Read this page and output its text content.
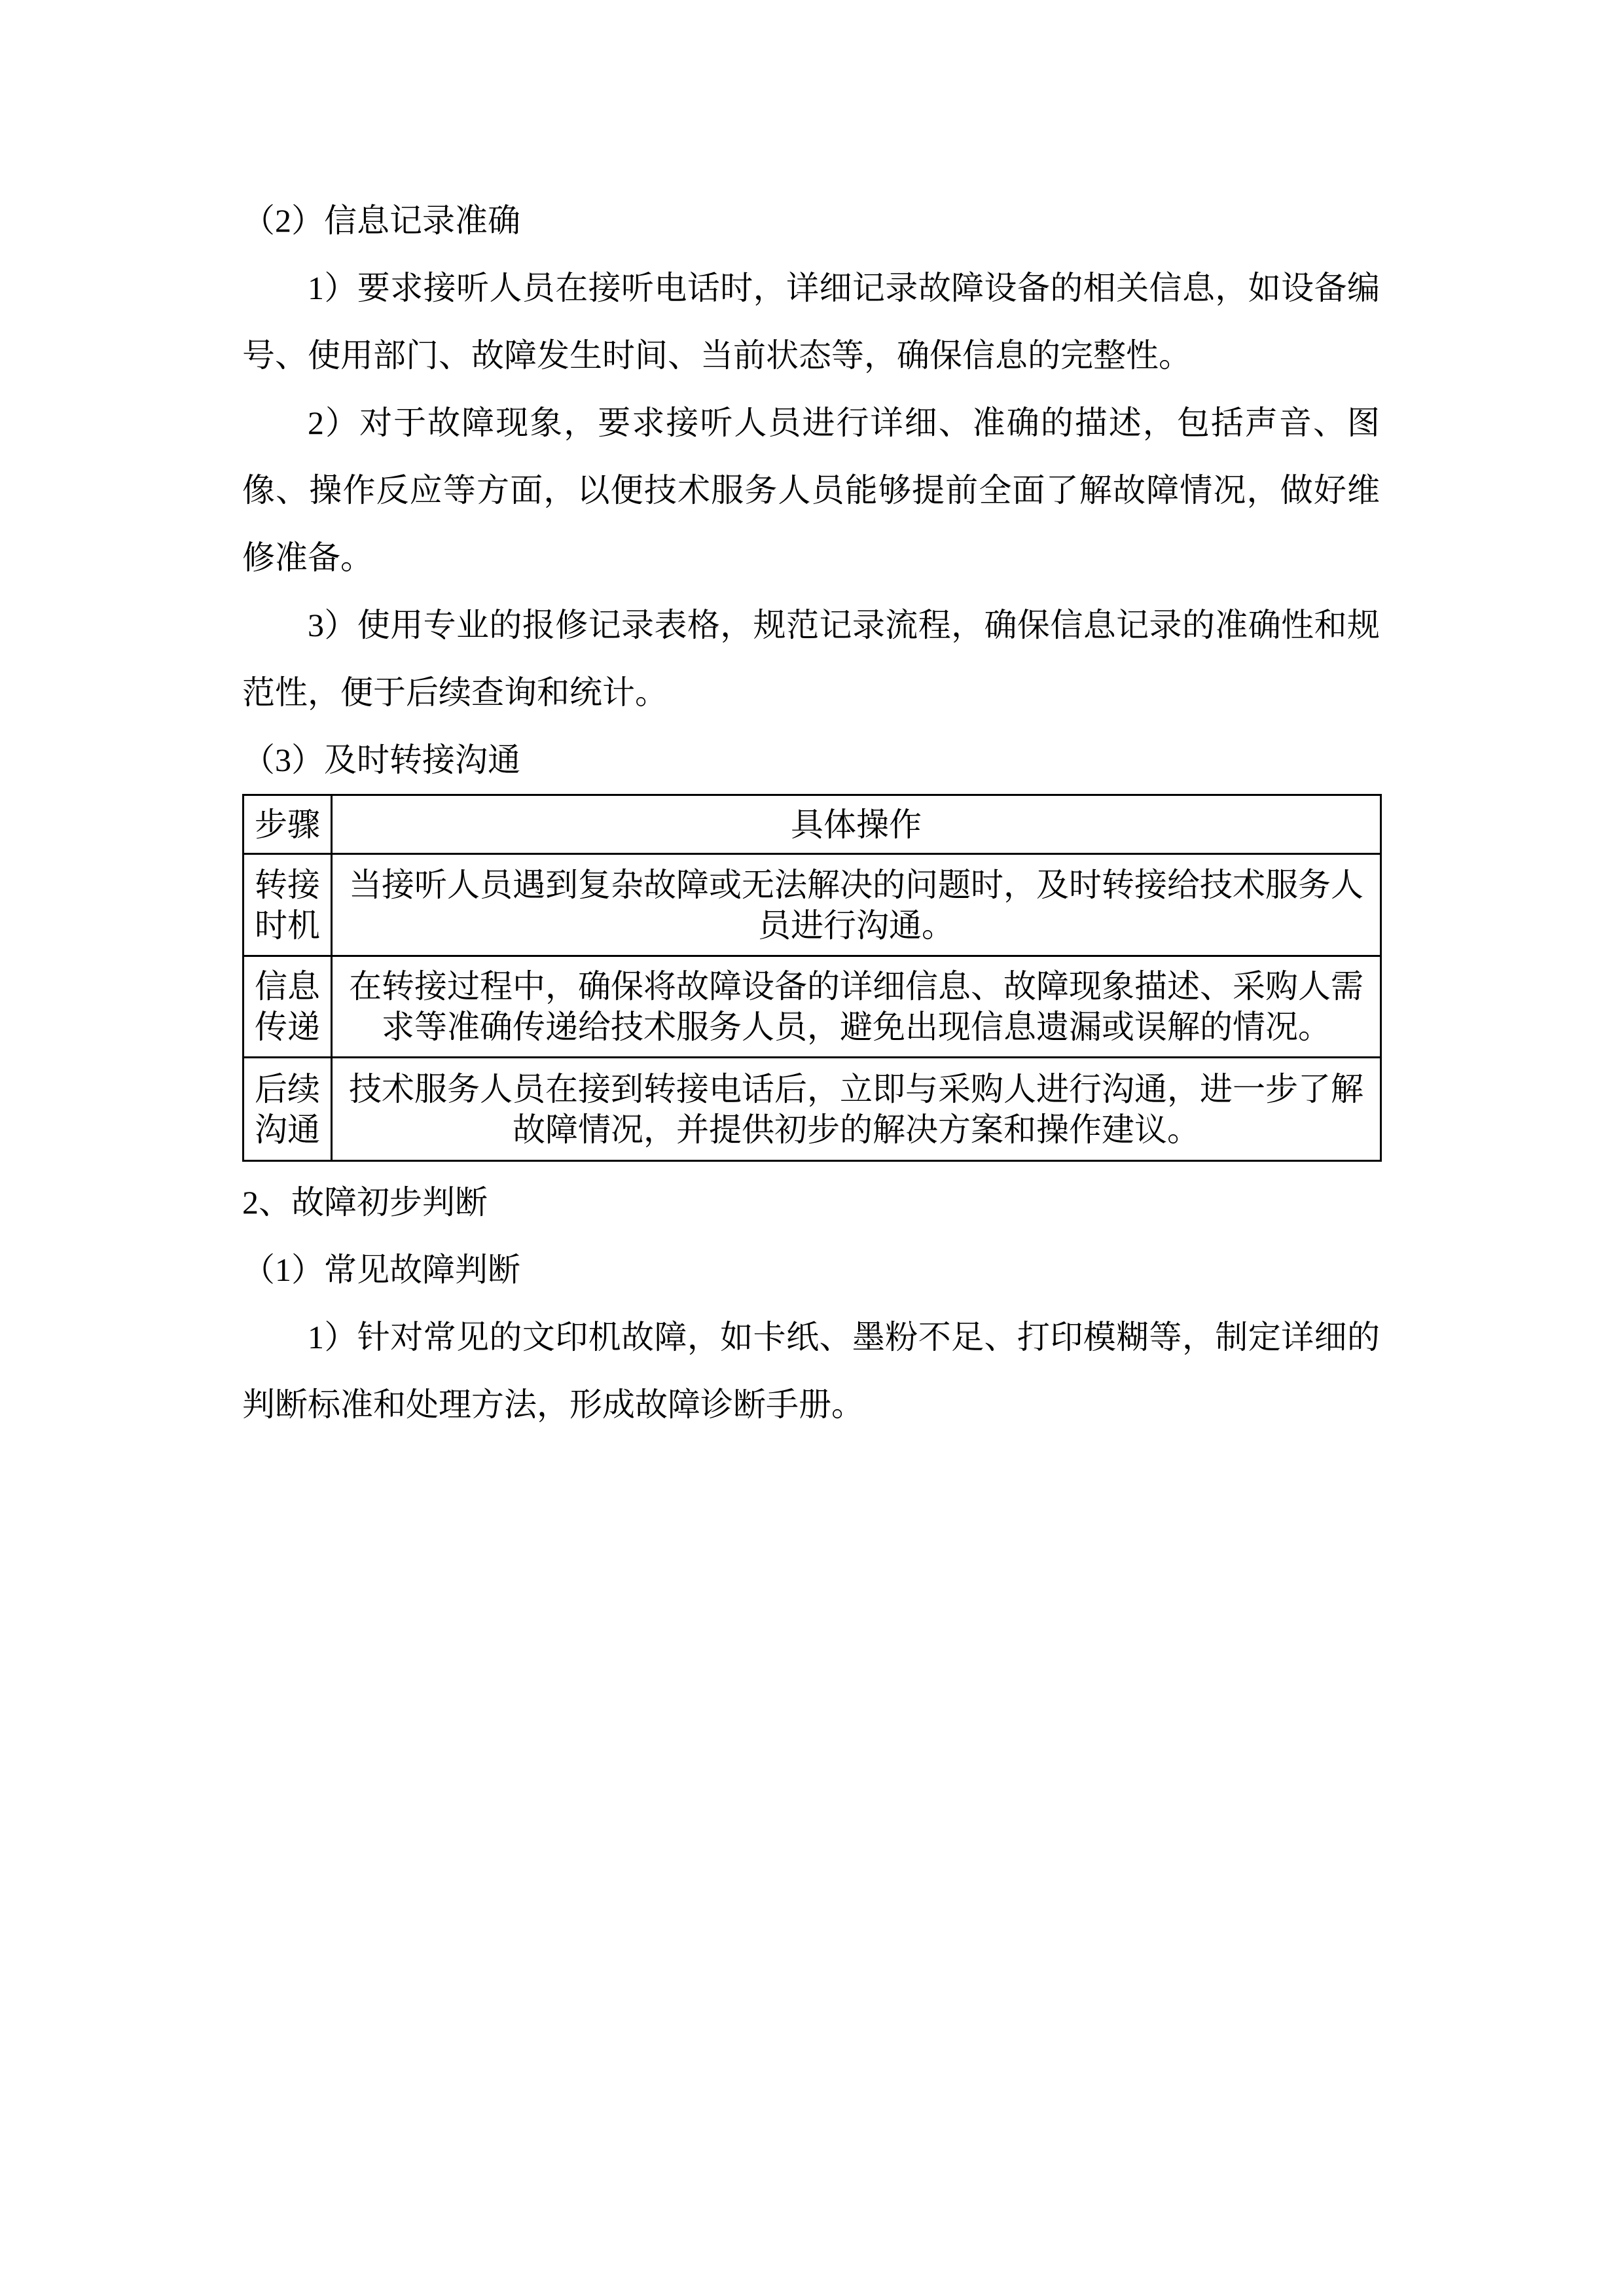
（2）信息记录准确

1）要求接听人员在接听电话时，详细记录故障设备的相关信息，如设备编号、使用部门、故障发生时间、当前状态等，确保信息的完整性。

2）对于故障现象，要求接听人员进行详细、准确的描述，包括声音、图像、操作反应等方面，以便技术服务人员能够提前全面了解故障情况，做好维修准备。

3）使用专业的报修记录表格，规范记录流程，确保信息记录的准确性和规范性，便于后续查询和统计。

（3）及时转接沟通

步骤	具体操作
转接时机	当接听人员遇到复杂故障或无法解决的问题时，及时转接给技术服务人员进行沟通。
信息传递	在转接过程中，确保将故障设备的详细信息、故障现象描述、采购人需求等准确传递给技术服务人员，避免出现信息遗漏或误解的情况。
后续沟通	技术服务人员在接到转接电话后，立即与采购人进行沟通，进一步了解故障情况，并提供初步的解决方案和操作建议。

2、故障初步判断

（1）常见故障判断

1）针对常见的文印机故障，如卡纸、墨粉不足、打印模糊等，制定详细的判断标准和处理方法，形成故障诊断手册。
